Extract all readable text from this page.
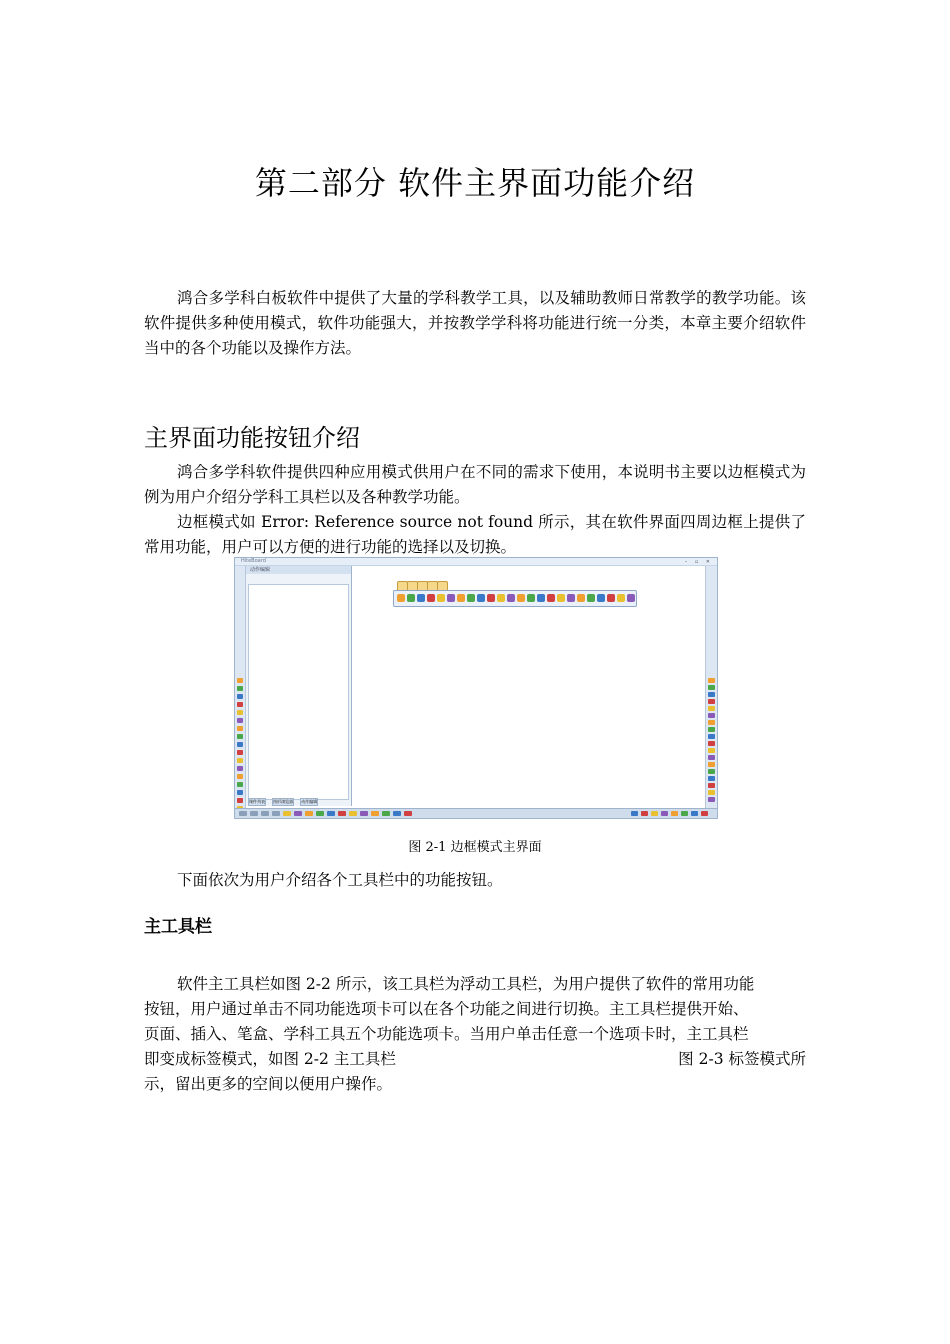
第二部分 软件主界面功能介绍
鸿合多学科白板软件中提供了大量的学科教学工具，以及辅助教师日常教学的教学功能。该软件提供多种使用模式，软件功能强大，并按教学学科将功能进行统一分类，本章主要介绍软件当中的各个功能以及操作方法。
主界面功能按钮介绍
鸿合多学科软件提供四种应用模式供用户在不同的需求下使用，本说明书主要以边框模式为例为用户介绍分学科工具栏以及各种教学功能。
边框模式如 Error: Reference source not found 所示，其在软件界面四周边框上提供了常用功能，用户可以方便的进行功能的选择以及切换。
HiteBoard	– ▫ ✕
动作编辑
课件列表 图形浏览器 动作编辑
图 2-1 边框模式主界面
下面依次为用户介绍各个工具栏中的功能按钮。
主工具栏
软件主工具栏如图 2-2 所示，该工具栏为浮动工具栏，为用户提供了软件的常用功能
按钮，用户通过单击不同功能选项卡可以在各个功能之间进行切换。主工具栏提供开始、
页面、插入、笔盒、学科工具五个功能选项卡。当用户单击任意一个选项卡时，主工具栏
即变成标签模式，如图 2-2 主工具栏	图 2-3 标签模式所
示，留出更多的空间以便用户操作。
